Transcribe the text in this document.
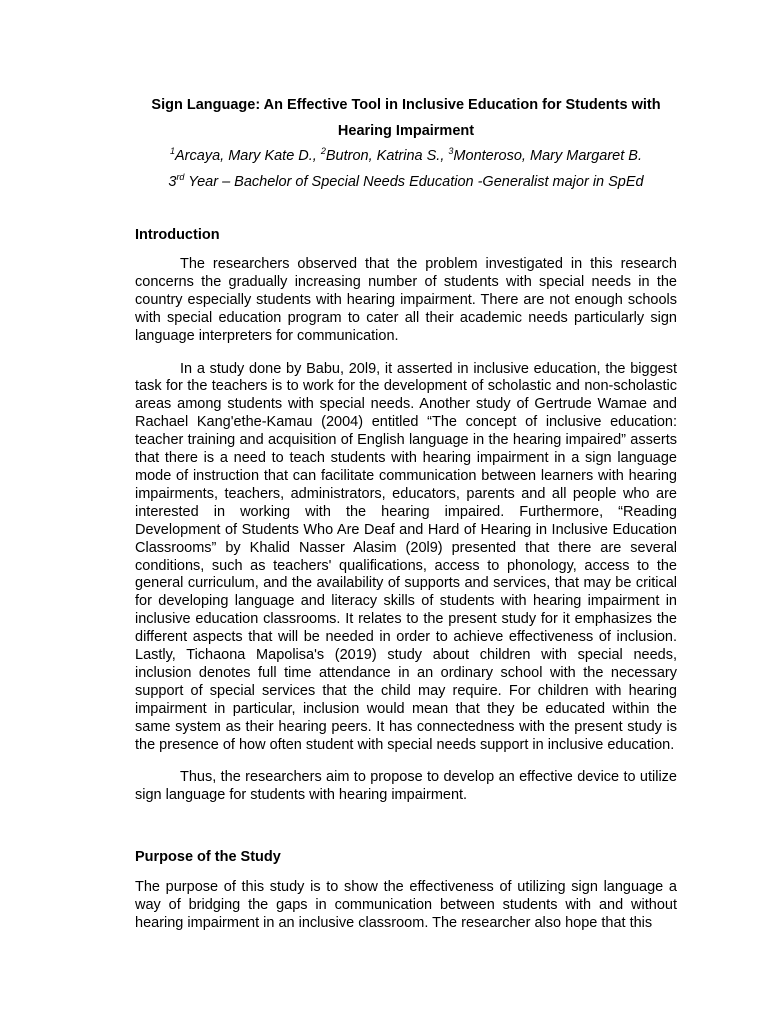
Sign Language: An Effective Tool in Inclusive Education for Students with Hearing Impairment

$^1$Arcaya, Mary Kate D., $^2$Butron, Katrina S., $^3$Monteroso, Mary Margaret B.

3rd Year – Bachelor of Special Needs Education -Generalist major in SpEd

Introduction

The researchers observed that the problem investigated in this research concerns the gradually increasing number of students with special needs in the country especially students with hearing impairment. There are not enough schools with special education program to cater all their academic needs particularly sign language interpreters for communication.

In a study done by Babu, 20l9, it asserted in inclusive education, the biggest task for the teachers is to work for the development of scholastic and non-scholastic areas among students with special needs. Another study of Gertrude Wamae and Rachael Kang'ethe-Kamau (2004) entitled “The concept of inclusive education: teacher training and acquisition of English language in the hearing impaired” asserts that there is a need to teach students with hearing impairment in a sign language mode of instruction that can facilitate communication between learners with hearing impairments, teachers, administrators, educators, parents and all people who are interested in working with the hearing impaired. Furthermore, “Reading Development of Students Who Are Deaf and Hard of Hearing in Inclusive Education Classrooms” by Khalid Nasser Alasim (20l9) presented that there are several conditions, such as teachers' qualifications, access to phonology, access to the general curriculum, and the availability of supports and services, that may be critical for developing language and literacy skills of students with hearing impairment in inclusive education classrooms. It relates to the present study for it emphasizes the different aspects that will be needed in order to achieve effectiveness of inclusion. Lastly, Tichaona Mapolisa's (2019) study about children with special needs, inclusion denotes full time attendance in an ordinary school with the necessary support of special services that the child may require. For children with hearing impairment in particular, inclusion would mean that they be educated within the same system as their hearing peers. It has connectedness with the present study is the presence of how often student with special needs support in inclusive education.

Thus, the researchers aim to propose to develop an effective device to utilize sign language for students with hearing impairment.

Purpose of the Study

The purpose of this study is to show the effectiveness of utilizing sign language a way of bridging the gaps in communication between students with and without hearing impairment in an inclusive classroom. The researcher also hope that this
